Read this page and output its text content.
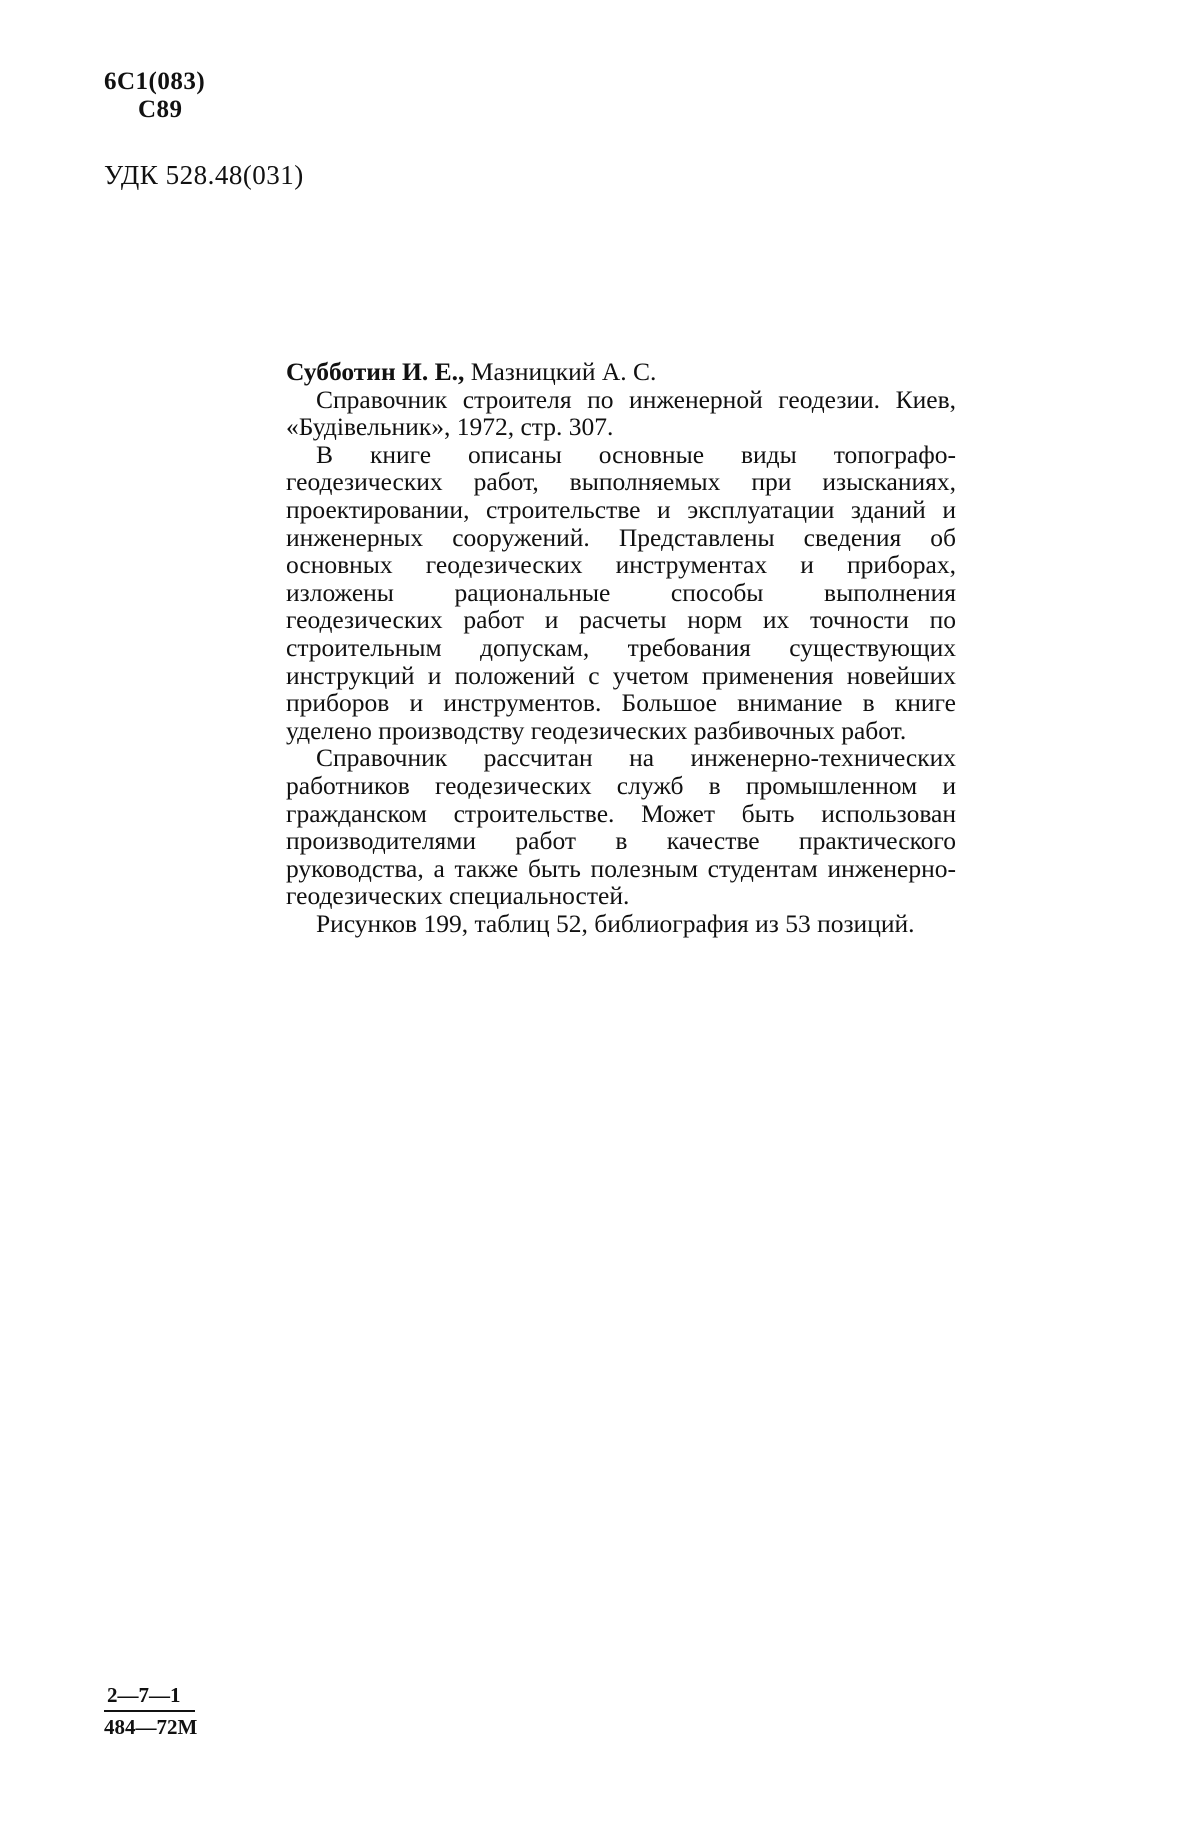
6С1(083)
С89
УДК 528.48(031)

Субботин И. Е., Мазницкий А. С.

Справочник строителя по инженерной геодезии. Киев, «Будівельник», 1972, стр. 307.

В книге описаны основные виды топографо-геодезических работ, выполняемых при изысканиях, проектировании, строительстве и эксплуатации зданий и инженерных сооружений. Представлены сведения об основных геодезических инструментах и приборах, изложены рациональные способы выполнения геодезических работ и расчеты норм их точности по строительным допускам, требования существующих инструкций и положений с учетом применения новейших приборов и инструментов. Большое внимание в книге уделено производству геодезических разбивочных работ.

Справочник рассчитан на инженерно-технических работников геодезических служб в промышленном и гражданском строительстве. Может быть использован производителями работ в качестве практического руководства, а также быть полезным студентам инженерно-геодезических специальностей.

Рисунков 199, таблиц 52, библиография из 53 позиций.

2—7—1
484—72М
